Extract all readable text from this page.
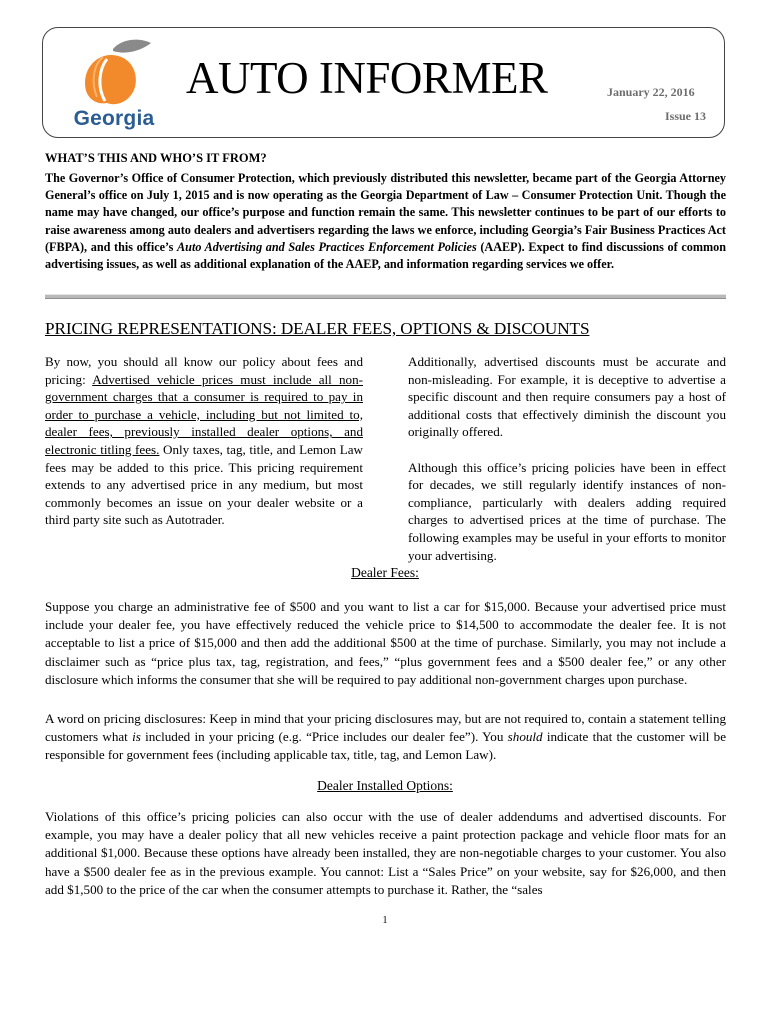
Georgia
AUTO INFORMER	January 22, 2016
Issue 13
WHAT’S THIS AND WHO’S IT FROM?

The Governor’s Office of Consumer Protection, which previously distributed this newsletter, became part of the Georgia Attorney General’s office on July 1, 2015 and is now operating as the Georgia Department of Law – Consumer Protection Unit. Though the name may have changed, our office’s purpose and function remain the same. This newsletter continues to be part of our efforts to raise awareness among auto dealers and advertisers regarding the laws we enforce, including Georgia’s Fair Business Practices Act (FBPA), and this office’s Auto Advertising and Sales Practices Enforcement Policies (AAEP). Expect to find discussions of common advertising issues, as well as additional explanation of the AAEP, and information regarding services we offer.

PRICING REPRESENTATIONS: DEALER FEES, OPTIONS & DISCOUNTS

By now, you should all know our policy about fees and pricing: Advertised vehicle prices must include all non-government charges that a consumer is required to pay in order to purchase a vehicle, including but not limited to, dealer fees, previously installed dealer options, and electronic titling fees. Only taxes, tag, title, and Lemon Law fees may be added to this price. This pricing requirement extends to any advertised price in any medium, but most commonly becomes an issue on your dealer website or a third party site such as Autotrader.

Additionally, advertised discounts must be accurate and non-misleading. For example, it is deceptive to advertise a specific discount and then require consumers pay a host of additional costs that effectively diminish the discount you originally offered.

Although this office’s pricing policies have been in effect for decades, we still regularly identify instances of non-compliance, particularly with dealers adding required charges to advertised prices at the time of purchase. The following examples may be useful in your efforts to monitor your advertising.

Dealer Fees:

Suppose you charge an administrative fee of $500 and you want to list a car for $15,000. Because your advertised price must include your dealer fee, you have effectively reduced the vehicle price to $14,500 to accommodate the dealer fee. It is not acceptable to list a price of $15,000 and then add the additional $500 at the time of purchase. Similarly, you may not include a disclaimer such as “price plus tax, tag, registration, and fees,” “plus government fees and a $500 dealer fee,” or any other disclosure which informs the consumer that she will be required to pay additional non-government charges upon purchase.

A word on pricing disclosures: Keep in mind that your pricing disclosures may, but are not required to, contain a statement telling customers what is included in your pricing (e.g. “Price includes our dealer fee”). You should indicate that the customer will be responsible for government fees (including applicable tax, title, tag, and Lemon Law).

Dealer Installed Options:

Violations of this office’s pricing policies can also occur with the use of dealer addendums and advertised discounts. For example, you may have a dealer policy that all new vehicles receive a paint protection package and vehicle floor mats for an additional $1,000. Because these options have already been installed, they are non-negotiable charges to your customer. You also have a $500 dealer fee as in the previous example. You cannot: List a “Sales Price” on your website, say for $26,000, and then add $1,500 to the price of the car when the consumer attempts to purchase it. Rather, the “sales

1
